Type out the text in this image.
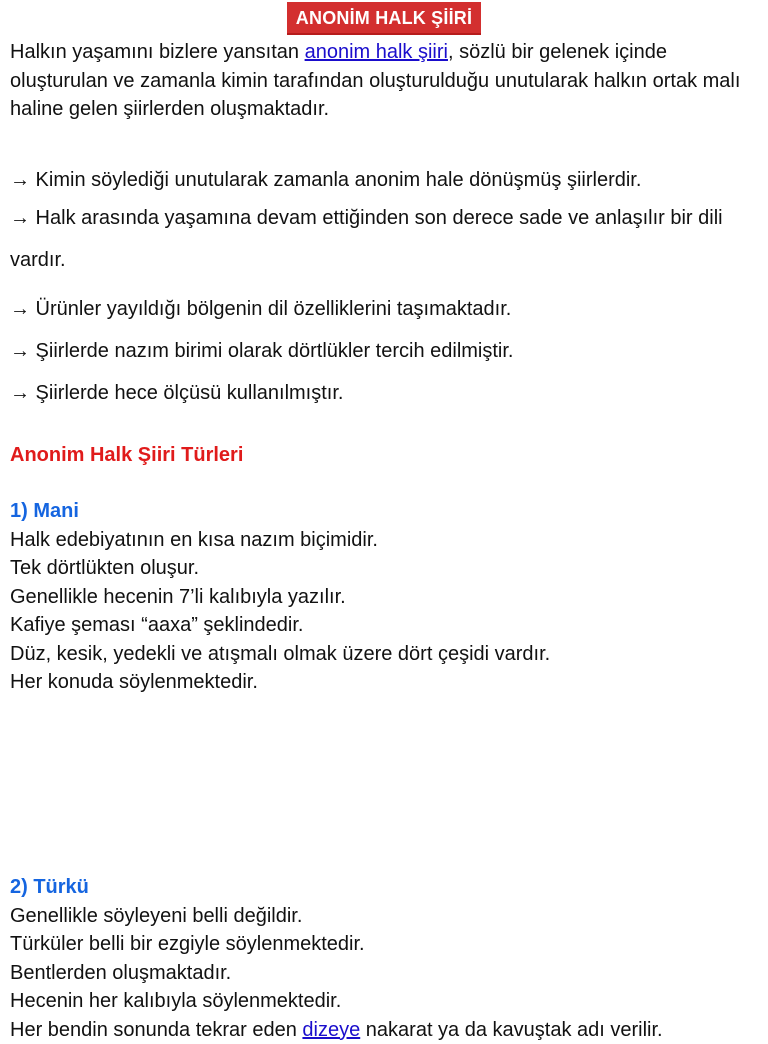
ANONİM HALK ŞİİRİ

Halkın yaşamını bizlere yansıtan anonim halk şiiri, sözlü bir gelenek içinde oluşturulan ve zamanla kimin tarafından oluşturulduğu unutularak halkın ortak malı haline gelen şiirlerden oluşmaktadır.

→ Kimin söylediği unutularak zamanla anonim hale dönüşmüş şiirlerdir.

→ Halk arasında yaşamına devam ettiğinden son derece sade ve anlaşılır bir dili vardır.

→ Ürünler yayıldığı bölgenin dil özelliklerini taşımaktadır.

→ Şiirlerde nazım birimi olarak dörtlükler tercih edilmiştir.

→ Şiirlerde hece ölçüsü kullanılmıştır.

Anonim Halk Şiiri Türleri
1) Mani
Halk edebiyatının en kısa nazım biçimidir.
Tek dörtlükten oluşur.
Genellikle hecenin 7’li kalıbıyla yazılır.
Kafiye şeması “aaxa” şeklindedir.
Düz, kesik, yedekli ve atışmalı olmak üzere dört çeşidi vardır.
Her konuda söylenmektedir.
2) Türkü
Genellikle söyleyeni belli değildir.
Türküler belli bir ezgiyle söylenmektedir.
Bentlerden oluşmaktadır.
Hecenin her kalıbıyla söylenmektedir.
Her bendin sonunda tekrar eden dizeye nakarat ya da kavuştak adı verilir.
